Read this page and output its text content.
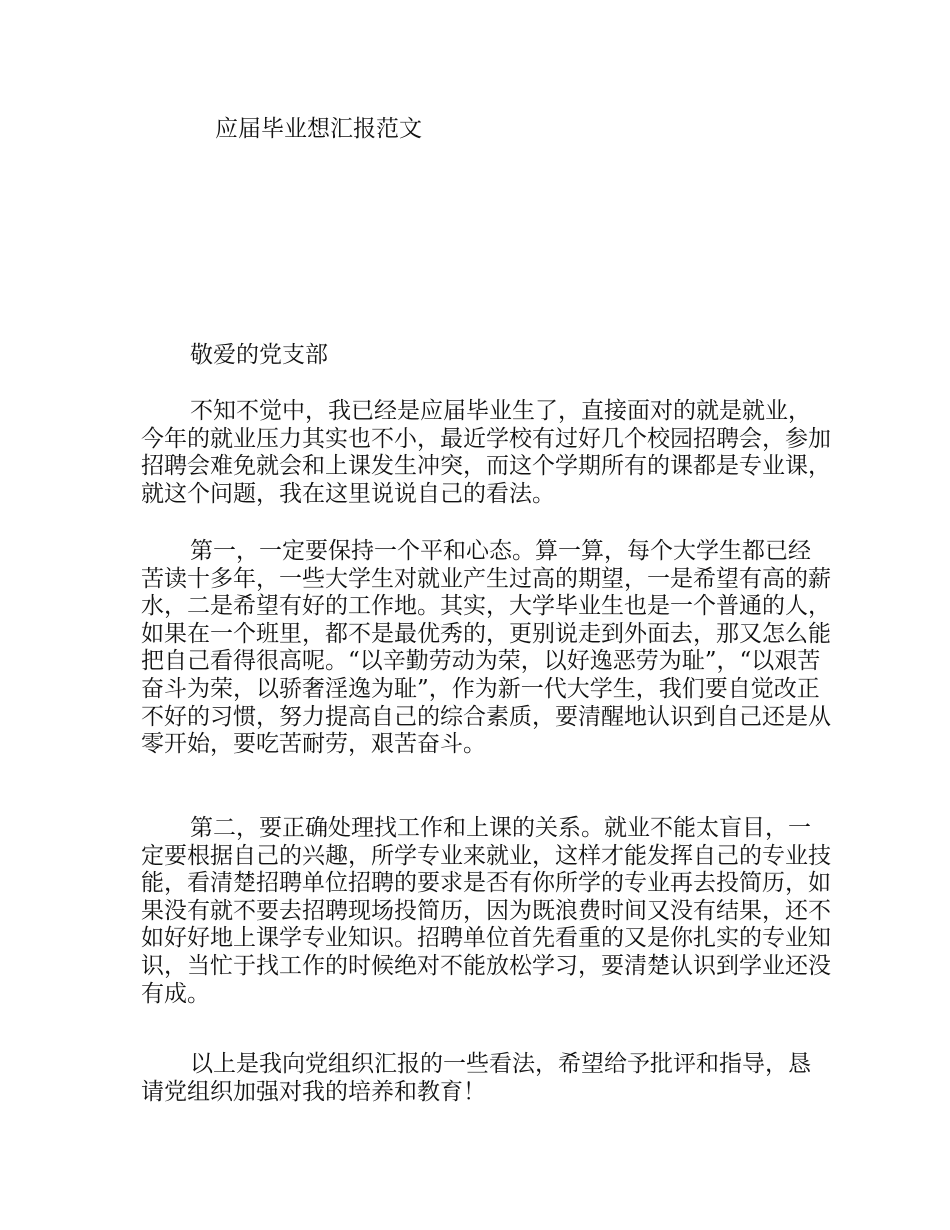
应届毕业想汇报范文
敬爱的党支部

不知不觉中，我已经是应届毕业生了，直接面对的就是就业，今年的就业压力其实也不小，最近学校有过好几个校园招聘会，参加招聘会难免就会和上课发生冲突，而这个学期所有的课都是专业课，就这个问题，我在这里说说自己的看法。

第一，一定要保持一个平和心态。算一算，每个大学生都已经苦读十多年，一些大学生对就业产生过高的期望，一是希望有高的薪水，二是希望有好的工作地。其实，大学毕业生也是一个普通的人，如果在一个班里，都不是最优秀的，更别说走到外面去，那又怎么能把自己看得很高呢。“以辛勤劳动为荣，以好逸恶劳为耻”，“以艰苦奋斗为荣，以骄奢淫逸为耻”，作为新一代大学生，我们要自觉改正不好的习惯，努力提高自己的综合素质，要清醒地认识到自己还是从零开始，要吃苦耐劳，艰苦奋斗。

第二，要正确处理找工作和上课的关系。就业不能太盲目，一定要根据自己的兴趣，所学专业来就业，这样才能发挥自己的专业技能，看清楚招聘单位招聘的要求是否有你所学的专业再去投简历，如果没有就不要去招聘现场投简历，因为既浪费时间又没有结果，还不如好好地上课学专业知识。招聘单位首先看重的又是你扎实的专业知识，当忙于找工作的时候绝对不能放松学习，要清楚认识到学业还没有成。

以上是我向党组织汇报的一些看法，希望给予批评和指导，恳请党组织加强对我的培养和教育！
